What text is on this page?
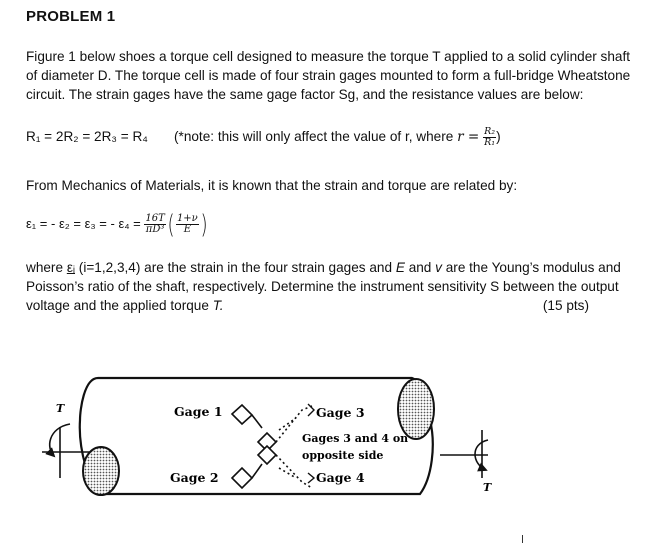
PROBLEM 1

Figure 1 below shoes a torque cell designed to measure the torque T applied to a solid cylinder shaft of diameter D. The torque cell is made of four strain gages mounted to form a full-bridge Wheatstone circuit. The strain gages have the same gage factor Sg, and the resistance values are below:

R₁ = 2R₂ = 2R₃ = R₄ (*note: this will only affect the value of r, where $r = \frac{\text{R₂}}{\text{R₁}}$ )

From Mechanics of Materials, it is known that the strain and torque are related by:

ε₁ = - ε₂ = ε₃ = - $\varepsilon_4 = \frac{16T}{\text{πD³}}$ ( $\frac{1+\nu}{E}$ )

where εᵢ (i=1,2,3,4) are the strain in the four strain gages and E and v are the Young’s modulus and Poisson’s ratio of the shaft, respectively. Determine the instrument sensitivity S between the output voltage and the applied torque T.	(15 pts)

T
T
Gage 1
Gage 2
Gage 3
Gage 4
Gages 3 and 4 on
opposite side
